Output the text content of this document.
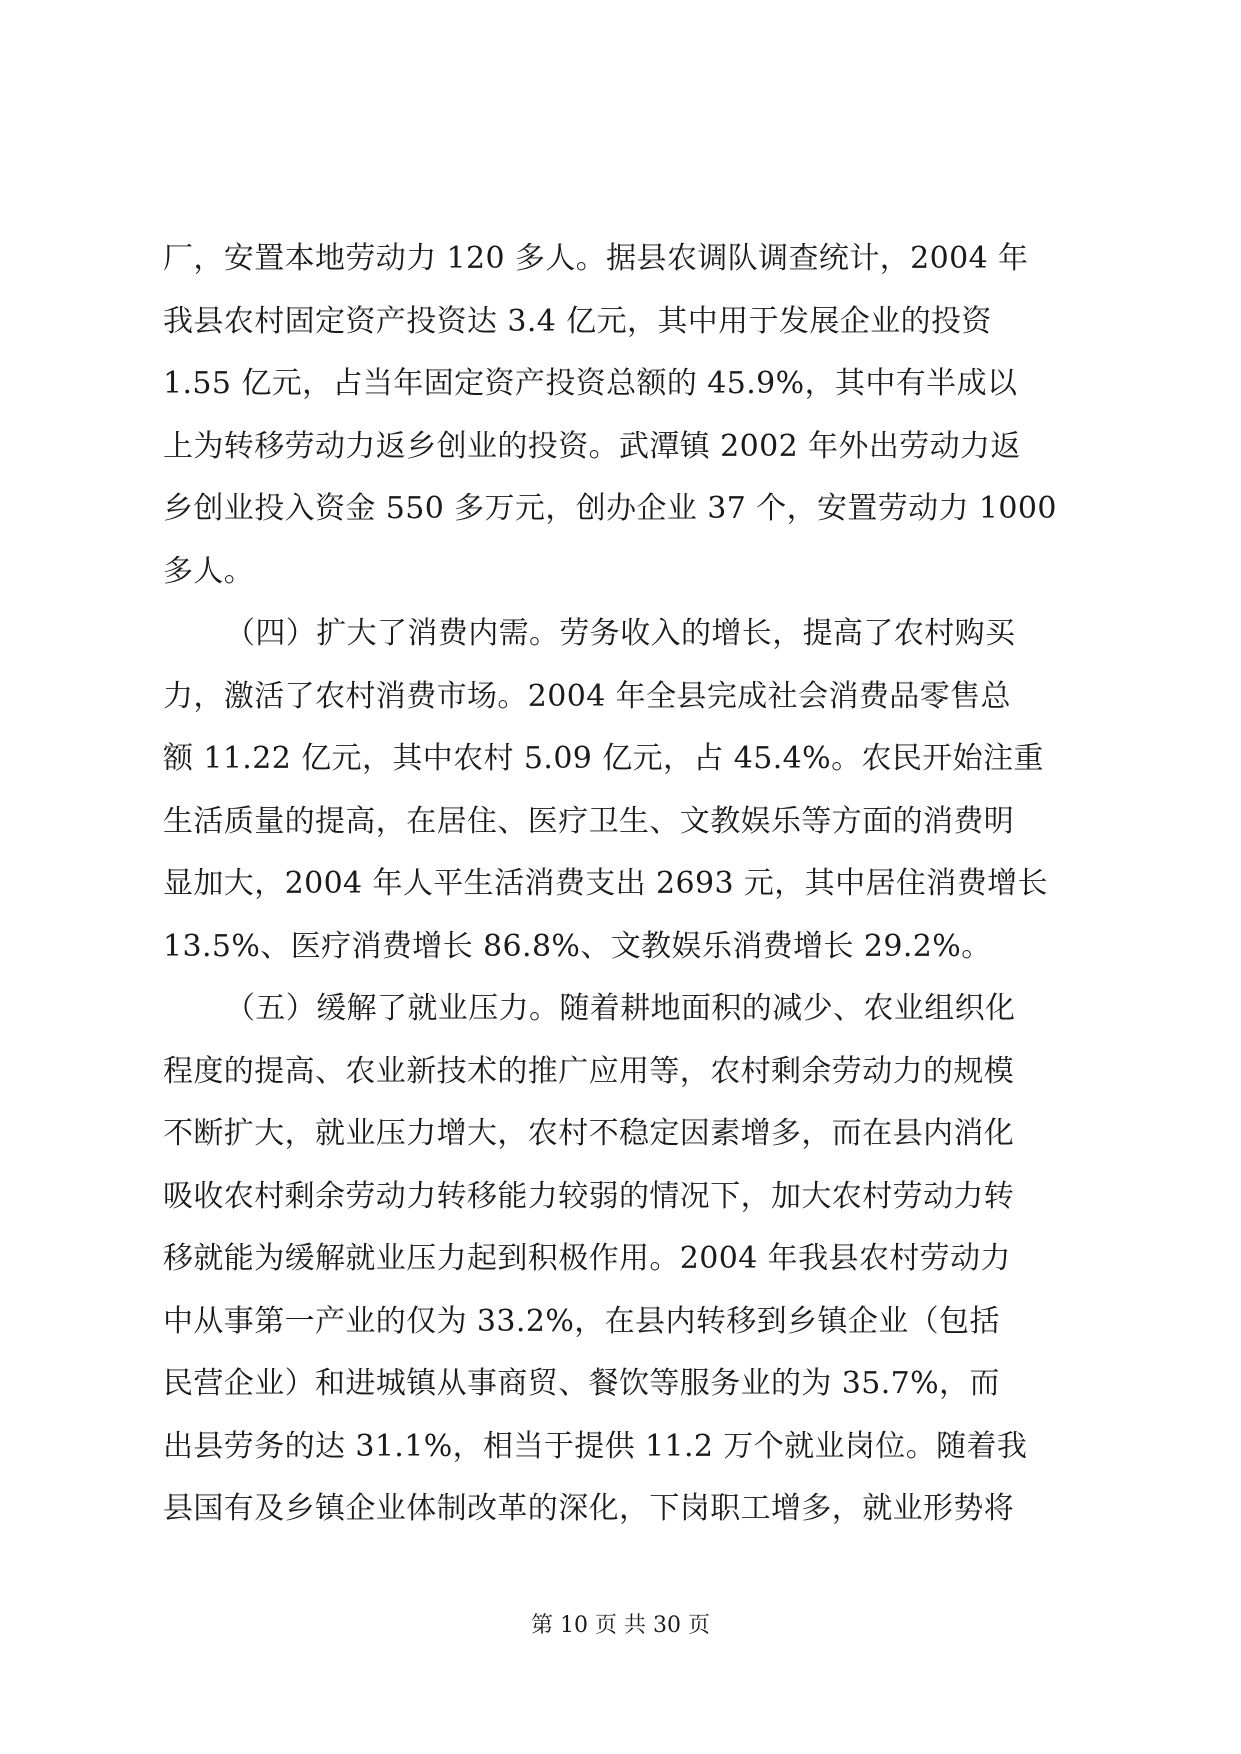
厂，安置本地劳动力 120 多人。据县农调队调查统计，2004 年
我县农村固定资产投资达 3.4 亿元，其中用于发展企业的投资
1.55 亿元，占当年固定资产投资总额的 45.9%，其中有半成以
上为转移劳动力返乡创业的投资。武潭镇 2002 年外出劳动力返
乡创业投入资金 550 多万元，创办企业 37 个，安置劳动力 1000
多人。
（四）扩大了消费内需。劳务收入的增长，提高了农村购买
力，激活了农村消费市场。2004 年全县完成社会消费品零售总
额 11.22 亿元，其中农村 5.09 亿元，占 45.4%。农民开始注重
生活质量的提高，在居住、医疗卫生、文教娱乐等方面的消费明
显加大，2004 年人平生活消费支出 2693 元，其中居住消费增长
13.5%、医疗消费增长 86.8%、文教娱乐消费增长 29.2%。
（五）缓解了就业压力。随着耕地面积的减少、农业组织化
程度的提高、农业新技术的推广应用等，农村剩余劳动力的规模
不断扩大，就业压力增大，农村不稳定因素增多，而在县内消化
吸收农村剩余劳动力转移能力较弱的情况下，加大农村劳动力转
移就能为缓解就业压力起到积极作用。2004 年我县农村劳动力
中从事第一产业的仅为 33.2%，在县内转移到乡镇企业（包括
民营企业）和进城镇从事商贸、餐饮等服务业的为 35.7%，而
出县劳务的达 31.1%，相当于提供 11.2 万个就业岗位。随着我
县国有及乡镇企业体制改革的深化，下岗职工增多，就业形势将
第 10 页 共 30 页
